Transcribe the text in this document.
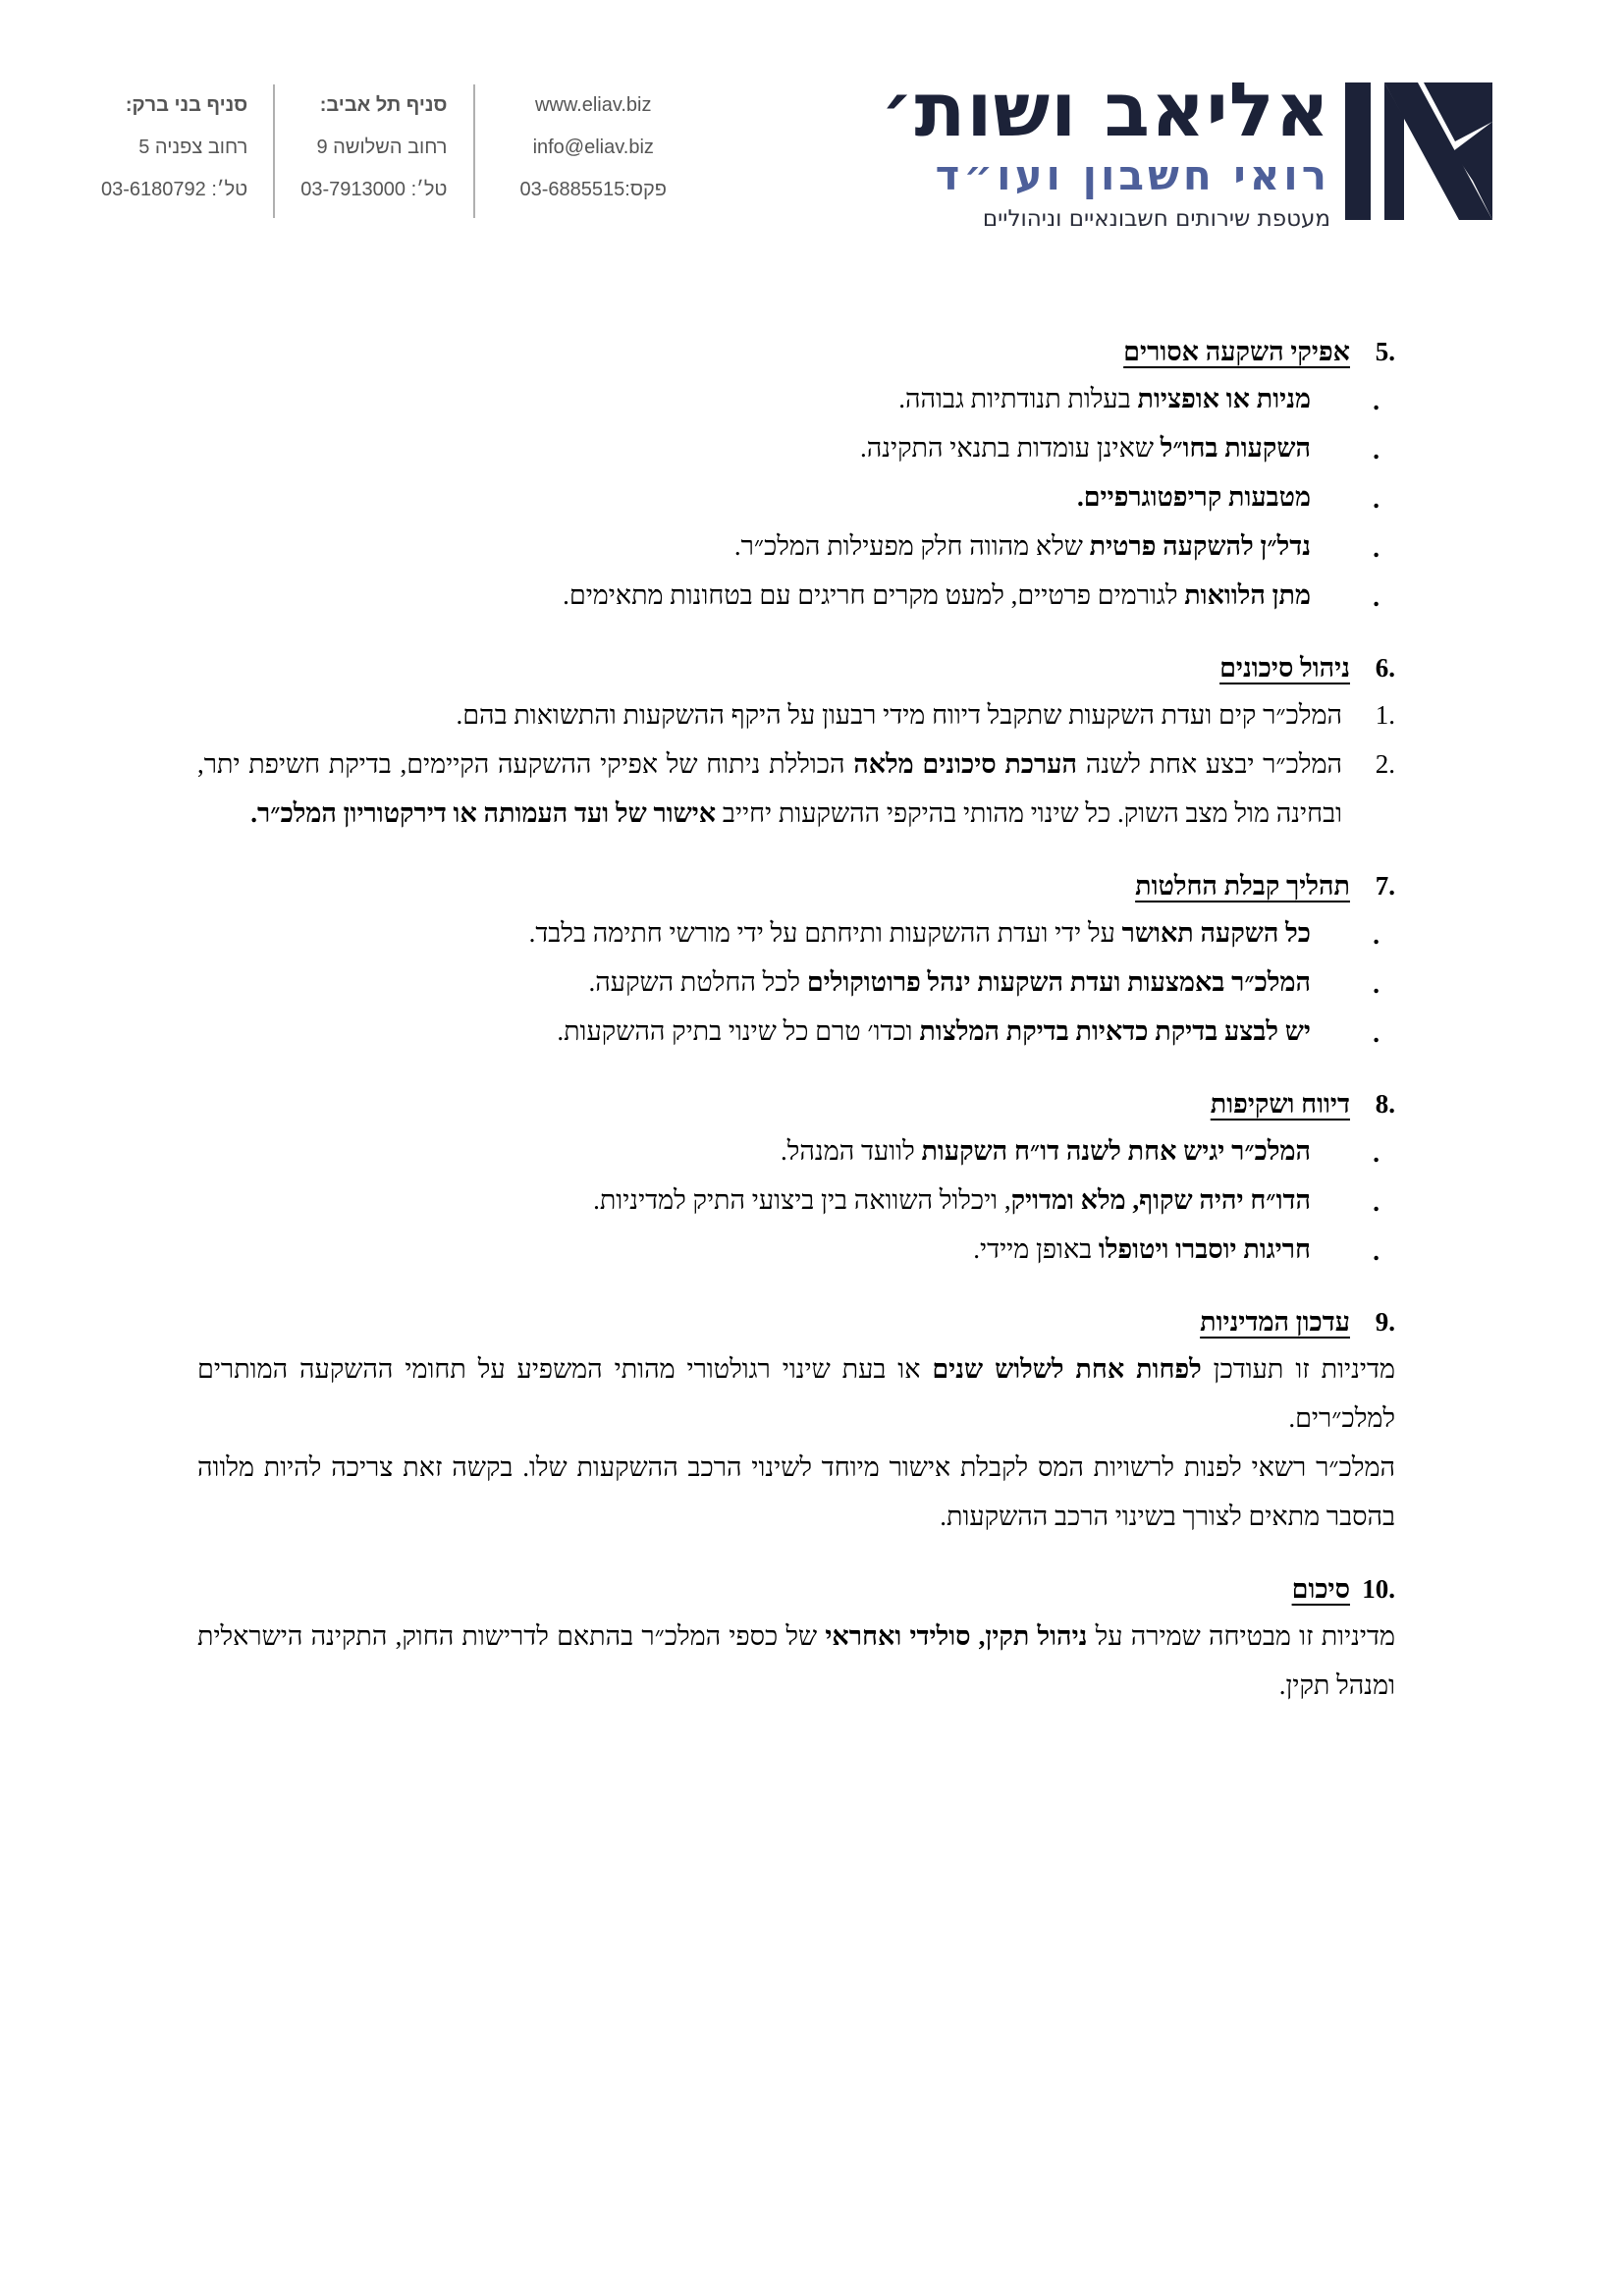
סניף בני ברק:
רחוב צפניה 5
טל׳: 03-6180792
סניף תל אביב:
רחוב השלושה 9
טל׳: 03-7913000
www.eliav.biz
info@eliav.biz
פקס:03-6885515
אליאב ושות׳
רואי חשבון ועו״ד
מעטפת שירותים חשבונאיים וניהוליים
5.
אפיקי השקעה אסורים
. מניות או אופציות בעלות תנודתיות גבוהה.
. השקעות בחו״ל שאינן עומדות בתנאי התקינה.
. מטבעות קריפטוגרפיים.
. נדל״ן להשקעה פרטית שלא מהווה חלק מפעילות המלכ״ר.
. מתן הלוואות לגורמים פרטיים, למעט מקרים חריגים עם בטחונות מתאימים.
6.
ניהול סיכונים
1.
המלכ״ר קים ועדת השקעות שתקבל דיווח מידי רבעון על היקף ההשקעות והתשואות בהם.
2.
המלכ״ר יבצע אחת לשנה הערכת סיכונים מלאה הכוללת ניתוח של אפיקי ההשקעה הקיימים, בדיקת חשיפת יתר, ובחינה מול מצב השוק. כל שינוי מהותי בהיקפי ההשקעות יחייב אישור של ועד העמותה או דירקטוריון המלכ״ר.
7.
תהליך קבלת החלטות
. כל השקעה תאושר על ידי ועדת ההשקעות ותיחתם על ידי מורשי חתימה בלבד.
. המלכ״ר באמצעות ועדת השקעות ינהל פרוטוקולים לכל החלטת השקעה.
. יש לבצע בדיקת כדאיות בדיקת המלצות וכדו׳ טרם כל שינוי בתיק ההשקעות.
8.
דיווח ושקיפות
. המלכ״ר יגיש אחת לשנה דו״ח השקעות לוועד המנהל.
. הדו״ח יהיה שקוף, מלא ומדויק, ויכלול השוואה בין ביצועי התיק למדיניות.
. חריגות יוסברו ויטופלו באופן מיידי.
9.
עדכון המדיניות
מדיניות זו תעודכן לפחות אחת לשלוש שנים או בעת שינוי רגולטורי מהותי המשפיע על תחומי ההשקעה המותרים למלכ״רים.
המלכ״ר רשאי לפנות לרשויות המס לקבלת אישור מיוחד לשינוי הרכב ההשקעות שלו. בקשה זאת צריכה להיות מלווה בהסבר מתאים לצורך בשינוי הרכב ההשקעות.
10.
סיכום
מדיניות זו מבטיחה שמירה על ניהול תקין, סולידי ואחראי של כספי המלכ״ר בהתאם לדרישות החוק, התקינה הישראלית ומנהל תקין.
